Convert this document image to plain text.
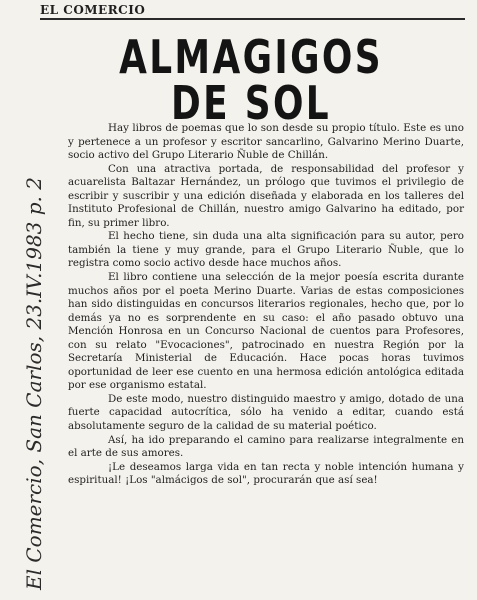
EL COMERCIO
ALMAGIGOS DE SOL

Hay libros de poemas que lo son desde su propio título. Este es uno y pertenece a un profesor y escritor sancarlino, Galvarino Merino Duarte, socio activo del Grupo Literario Ñuble de Chillán.

Con una atractiva portada, de responsabilidad del profesor y acuarelista Baltazar Hernández, un prólogo que tuvimos el privilegio de escribir y suscribir y una edición diseñada y elaborada en los talleres del Instituto Profesional de Chillán, nuestro amigo Galvarino ha editado, por fin, su primer libro.

El hecho tiene, sin duda una alta significación para su autor, pero también la tiene y muy grande, para el Grupo Literario Ñuble, que lo registra como socio activo desde hace muchos años.

El libro contiene una selección de la mejor poesía escrita durante muchos años por el poeta Merino Duarte. Varias de estas composiciones han sido distinguidas en concursos literarios regionales, hecho que, por lo demás ya no es sorprendente en su caso: el año pasado obtuvo una Mención Honrosa en un Concurso Nacional de cuentos para Profesores, con su relato "Evocaciones", patrocinado en nuestra Región por la Secretaría Ministerial de Educación. Hace pocas horas tuvimos oportunidad de leer ese cuento en una hermosa edición antológica editada por ese organismo estatal.

De este modo, nuestro distinguido maestro y amigo, dotado de una fuerte capacidad autocrítica, sólo ha venido a editar, cuando está absolutamente seguro de la calidad de su material poético.

Así, ha ido preparando el camino para realizarse integralmente en el arte de sus amores.

¡Le deseamos larga vida en tan recta y noble intención humana y espiritual! ¡Los "almácigos de sol", procurarán que así sea!

El Comercio, San Carlos, 23.IV.1983 p. 2
